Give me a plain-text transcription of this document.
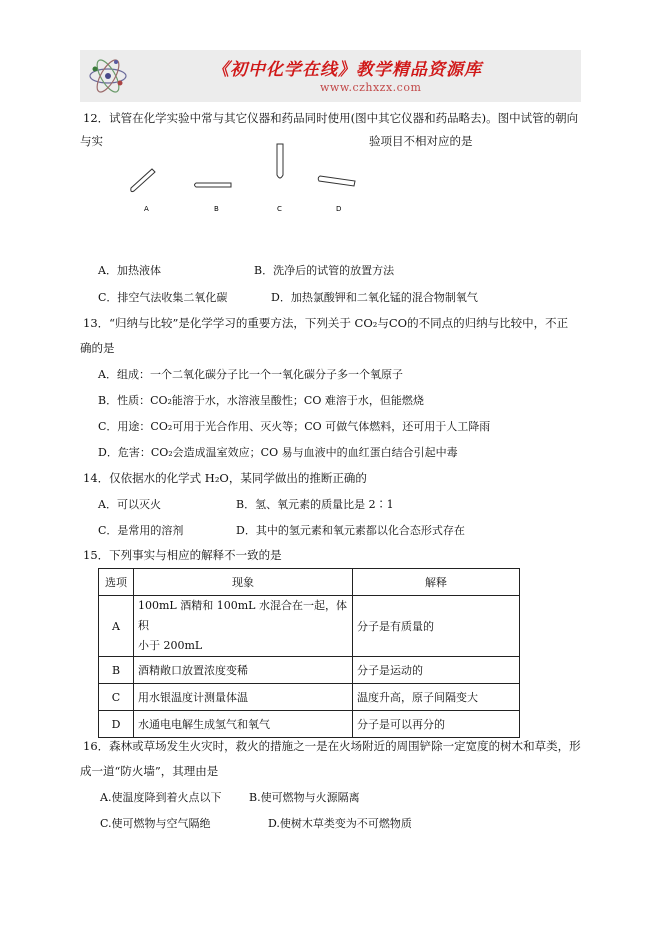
《初中化学在线》教学精品资源库
www.czhxzx.com
12．试管在化学实验中常与其它仪器和药品同时使用(图中其它仪器和药品略去)。图中试管的朝向
与实	验项目不相对应的是
A	B	C	D
A．加热液体	B．洗净后的试管的放置方法
C．排空气法收集二氧化碳	D．加热氯酸钾和二氧化锰的混合物制氧气
13．“归纳与比较”是化学学习的重要方法，下列关于 CO₂与CO的不同点的归纳与比较中，不正
确的是
A．组成：一个二氧化碳分子比一个一氧化碳分子多一个氧原子
B．性质：CO₂能溶于水，水溶液呈酸性；CO 难溶于水，但能燃烧
C．用途：CO₂可用于光合作用、灭火等；CO 可做气体燃料，还可用于人工降雨
D．危害：CO₂会造成温室效应；CO 易与血液中的血红蛋白结合引起中毒
14．仅依据水的化学式 H₂O，某同学做出的推断正确的
A．可以灭火	B．氢、氧元素的质量比是 2∶1
C．是常用的溶剂	D．其中的氢元素和氧元素都以化合态形式存在
15．下列事实与相应的解释不一致的是
选项	现象	解释
A	100mL 酒精和 100mL 水混合在一起，体积
小于 200mL	分子是有质量的
B	酒精敞口放置浓度变稀	分子是运动的
C	用水银温度计测量体温	温度升高，原子间隔变大
D	水通电电解生成氢气和氧气	分子是可以再分的
16．森林或草场发生火灾时，救火的措施之一是在火场附近的周围铲除一定宽度的树木和草类，形
成一道“防火墙”，其理由是
A.使温度降到着火点以下	B.使可燃物与火源隔离
C.使可燃物与空气隔绝	D.使树木草类变为不可燃物质
